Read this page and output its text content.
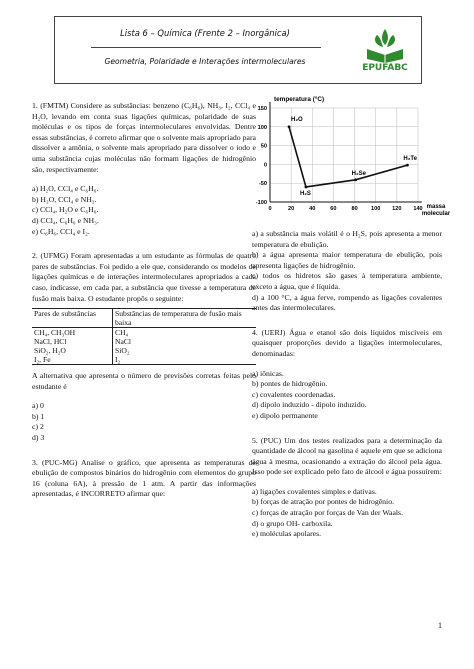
Lista 6 – Química (Frente 2 – Inorgânica)
Geometria, Polaridade e Interações intermoleculares
EPUFABC

1. (FMTM) Considere as substâncias: benzeno (C₆H₆), NH₃, I₂, CCl₄ e H₂O, levando em conta suas ligações químicas, polaridade de suas moléculas e os tipos de forças intermoleculares envolvidas. Dentre essas substâncias, é correto afirmar que o solvente mais apropriado para dissolver a amônia, o solvente mais apropriado para dissolver o iodo e uma substância cujas moléculas não formam ligações de hidrogênio são, respectivamente:

a) H₂O, CCl₄ e C₆H₆.

b) H₂O, CCl₄ e NH₃.

c) CCl₄, H₂O e C₆H₆.

d) CCl₄, C₆H₆ e NH₃.

e) C₆H₆, CCl₄ e I₂.

2. (UFMG) Foram apresentadas a um estudante as fórmulas de quatro pares de substâncias. Foi pedido a ele que, considerando os modelos de ligações químicas e de interações intermoleculares apropriados a cada caso, indicasse, em cada par, a substância que tivesse a temperatura de fusão mais baixa. O estudante propôs o seguinte:

Pares de substâncias	Substâncias de temperatura de fusão mais baixa
CH₄, CH₃OH	CH₄
NaCl, HCl	NaCl
SiO₂, H₂O	SiO₂
I₂, Fe	I₂

A alternativa que apresenta o número de previsões corretas feitas pelo estudante é

a) 0

b) 1

c) 2

d) 3

3. (PUC-MG) Analise o gráfico, que apresenta as temperaturas de ebulição de compostos binários do hidrogênio com elementos do grupo 16 (coluna 6A), à pressão de 1 atm. A partir das informações apresentadas, é INCORRETO afirmar que:

0	20	40	60	80 100 120 140
150
100
50
0
-50
-100
temperatura (°C)
massa
molecular
H₂O
H₂S
H₂Se
H₂Te

a) a substância mais volátil é o H₂S, pois apresenta a menor temperatura de ebulição.

b) a água apresenta maior temperatura de ebulição, pois apresenta ligações de hidrogênio.

c) todos os hidretos são gases à temperatura ambiente, exceto a água, que é líquida.

d) a 100 °C, a água ferve, rompendo as ligações covalentes antes das intermoleculares.

4. (UERJ) Água e etanol são dois líquidos miscíveis em quaisquer proporções devido a ligações intermoleculares, denominadas:

a) iônicas.

b) pontes de hidrogênio.

c) covalentes coordenadas.

d) dipolo induzido - dipolo induzido.

e) dipolo permanente

5. (PUC) Um dos testes realizados para a determinação da quantidade de álcool na gasolina é aquele em que se adiciona água à mesma, ocasionando a extração do álcool pela água. Isso pode ser explicado pelo fato de álcool e água possuírem:

a) ligações covalentes simples e dativas.

b) forças de atração por pontes de hidrogênio.

c) forças de atração por forças de Van der Waals.

d) o grupo OH- carboxila.

e) moléculas apolares.

1
